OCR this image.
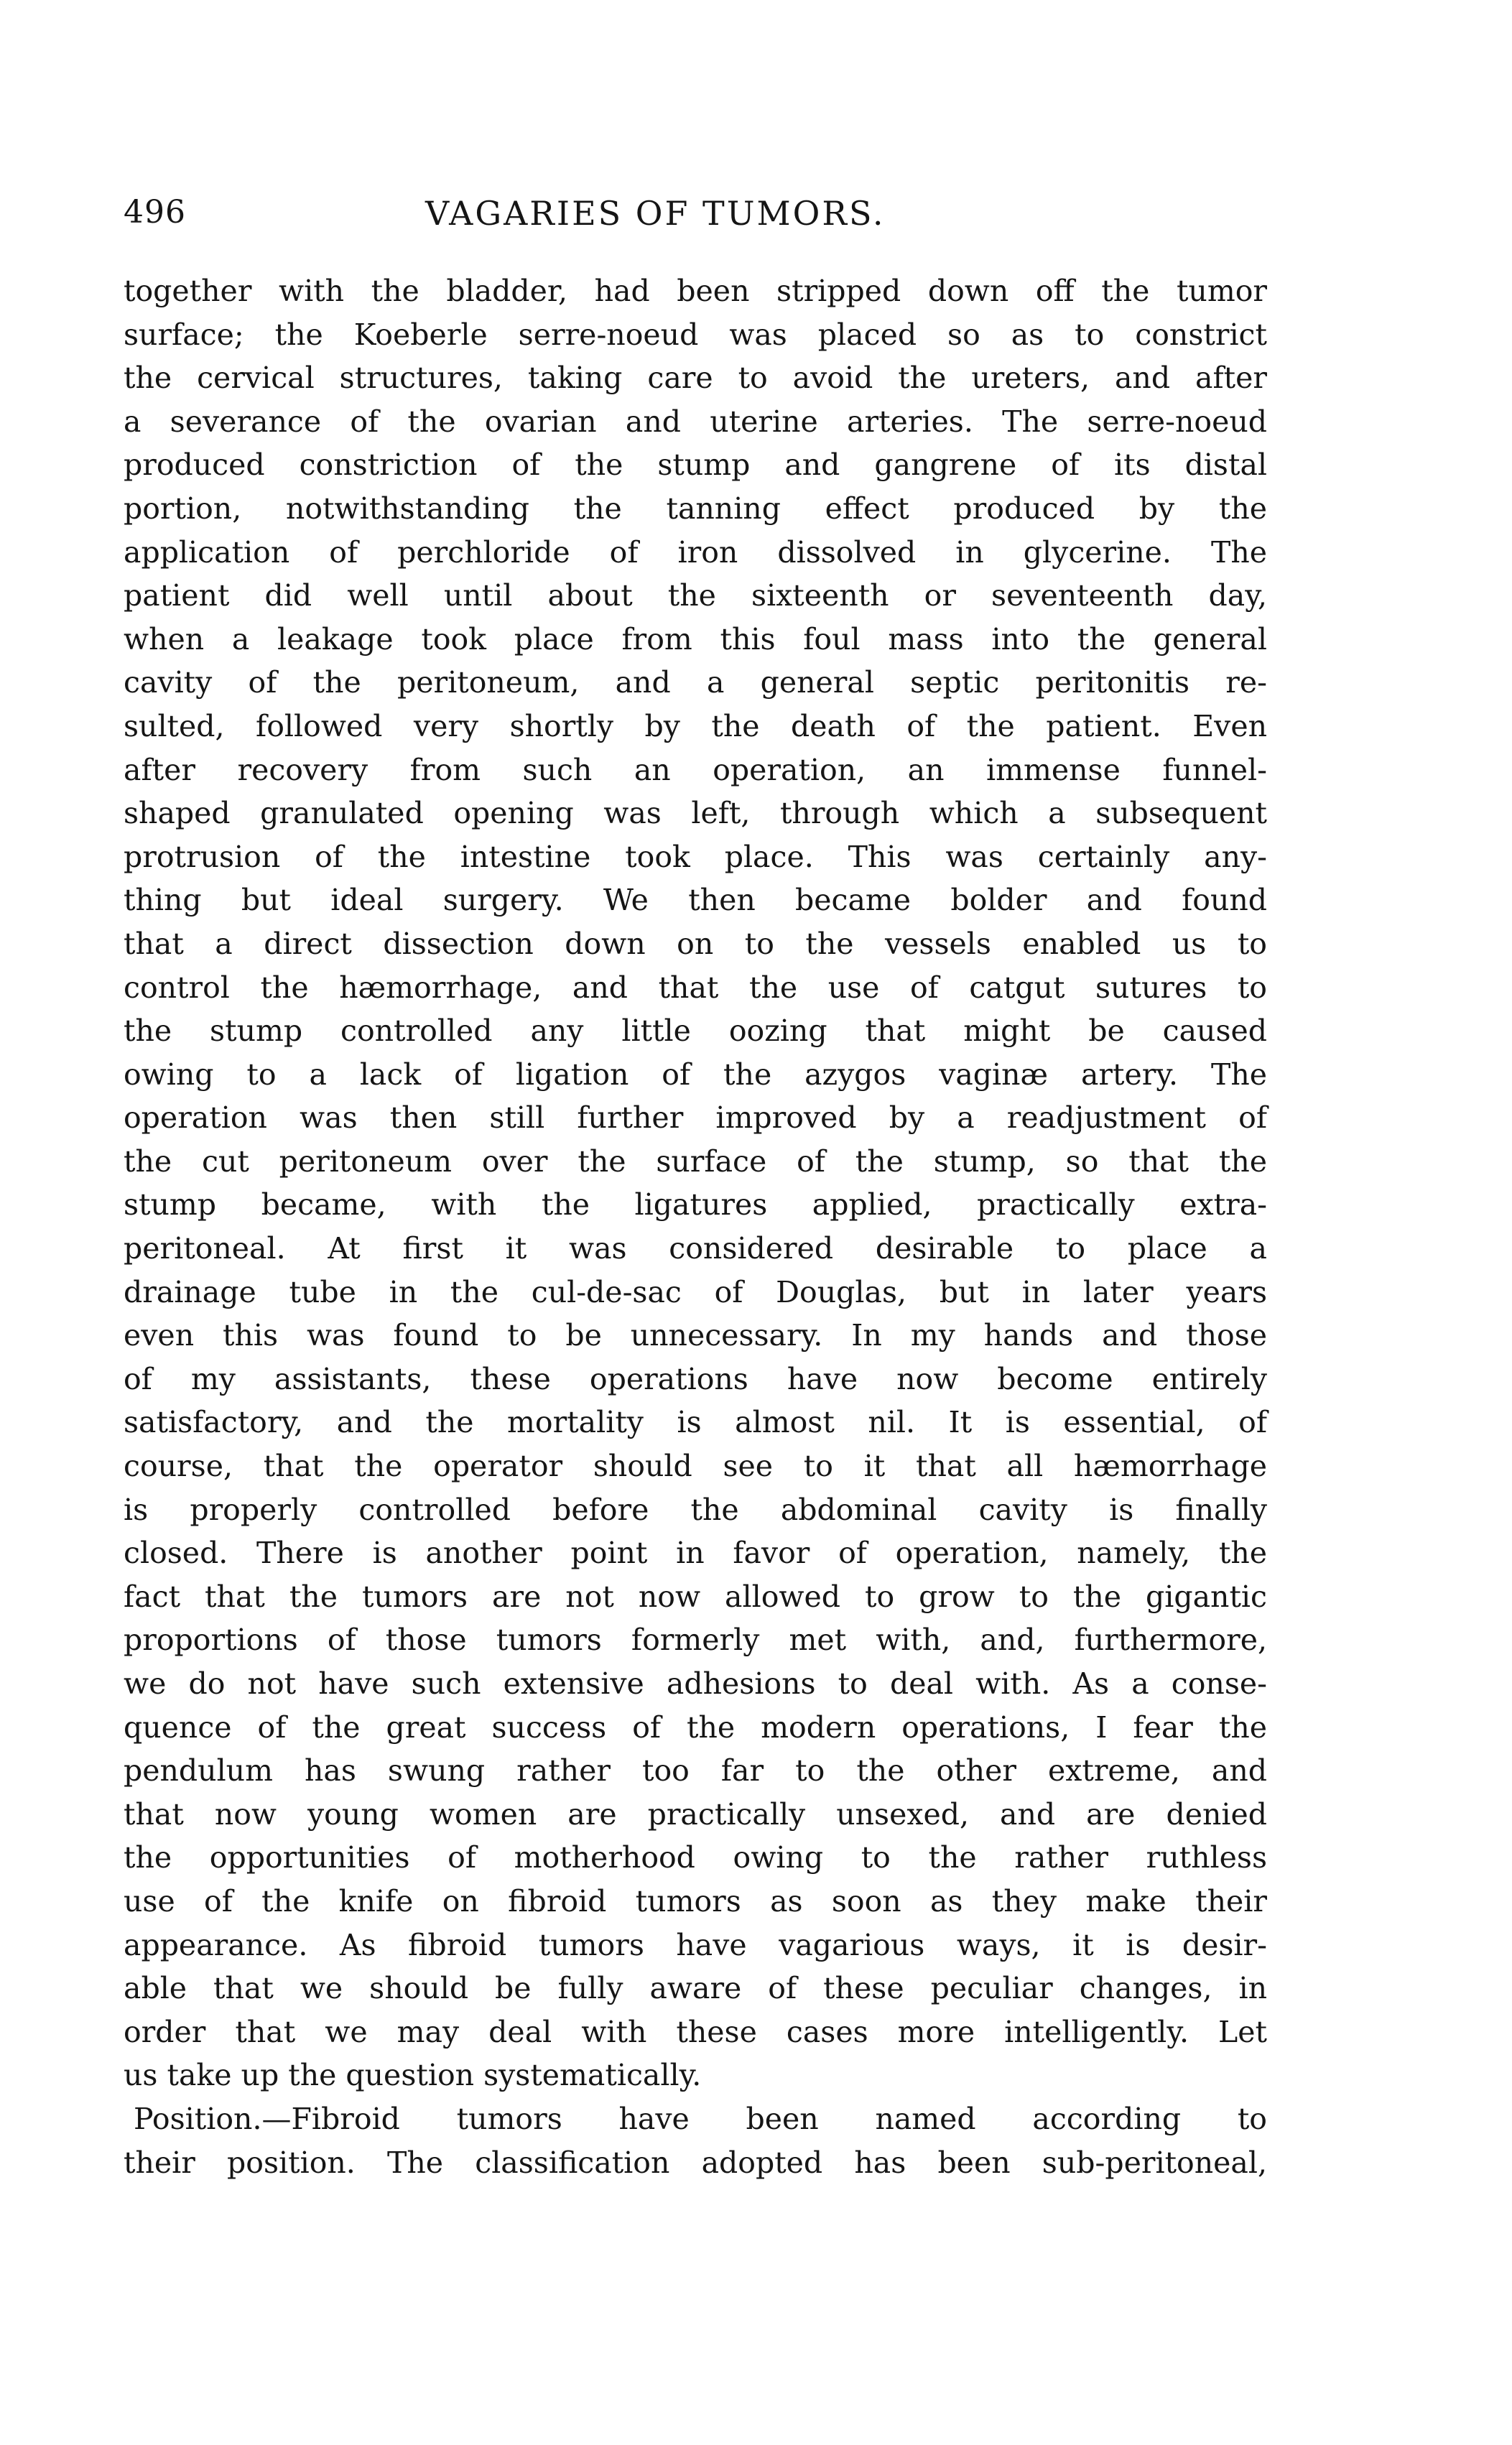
496	VAGARIES OF TUMORS.
together with the bladder, had been stripped down off the tumor
surface; the Koeberle serre-noeud was placed so as to constrict
the cervical structures, taking care to avoid the ureters, and after
a severance of the ovarian and uterine arteries. The serre-noeud
produced constriction of the stump and gangrene of its distal
portion, notwithstanding the tanning effect produced by the
application of perchloride of iron dissolved in glycerine. The
patient did well until about the sixteenth or seventeenth day,
when a leakage took place from this foul mass into the general
cavity of the peritoneum, and a general septic peritonitis re-
sulted, followed very shortly by the death of the patient. Even
after recovery from such an operation, an immense funnel-
shaped granulated opening was left, through which a subsequent
protrusion of the intestine took place. This was certainly any-
thing but ideal surgery. We then became bolder and found
that a direct dissection down on to the vessels enabled us to
control the hæmorrhage, and that the use of catgut sutures to
the stump controlled any little oozing that might be caused
owing to a lack of ligation of the azygos vaginæ artery. The
operation was then still further improved by a readjustment of
the cut peritoneum over the surface of the stump, so that the
stump became, with the ligatures applied, practically extra-
peritoneal. At first it was considered desirable to place a
drainage tube in the cul-de-sac of Douglas, but in later years
even this was found to be unnecessary. In my hands and those
of my assistants, these operations have now become entirely
satisfactory, and the mortality is almost nil. It is essential, of
course, that the operator should see to it that all hæmorrhage
is properly controlled before the abdominal cavity is finally
closed. There is another point in favor of operation, namely, the
fact that the tumors are not now allowed to grow to the gigantic
proportions of those tumors formerly met with, and, furthermore,
we do not have such extensive adhesions to deal with. As a conse-
quence of the great success of the modern operations, I fear the
pendulum has swung rather too far to the other extreme, and
that now young women are practically unsexed, and are denied
the opportunities of motherhood owing to the rather ruthless
use of the knife on fibroid tumors as soon as they make their
appearance. As fibroid tumors have vagarious ways, it is desir-
able that we should be fully aware of these peculiar changes, in
order that we may deal with these cases more intelligently. Let
us take up the question systematically.
Position.—Fibroid tumors have been named according to
their position. The classification adopted has been sub-peritoneal,
